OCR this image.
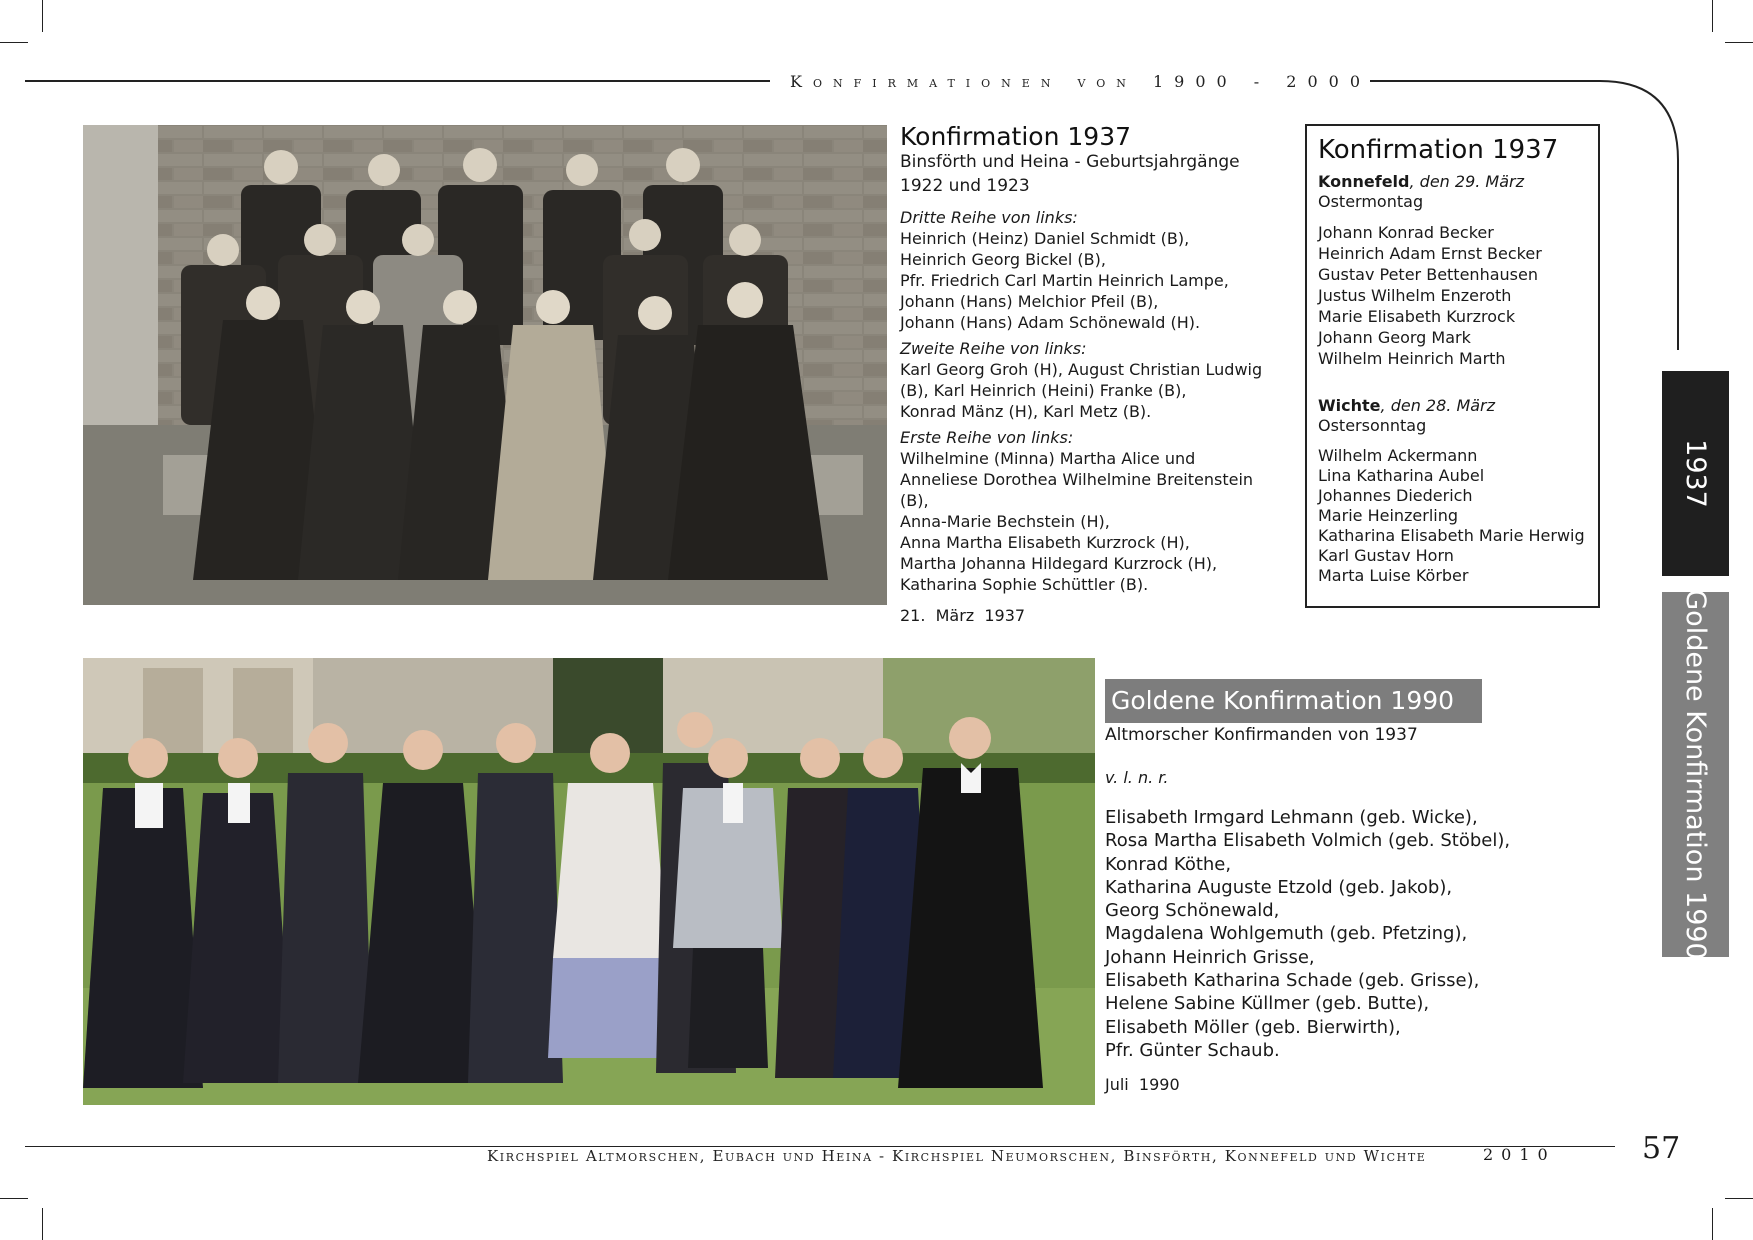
Konfirmationen von 1900 - 2000
Konfirmation 1937
Binsförth und Heina - Geburtsjahrgänge
1922 und 1923
Dritte Reihe von links:
Heinrich (Heinz) Daniel Schmidt (B),
Heinrich Georg Bickel (B),
Pfr. Friedrich Carl Martin Heinrich Lampe,
Johann (Hans) Melchior Pfeil (B),
Johann (Hans) Adam Schönewald (H).
Zweite Reihe von links:
Karl Georg Groh (H), August Christian Ludwig
(B), Karl Heinrich (Heini) Franke (B),
Konrad Mänz (H), Karl Metz (B).
Erste Reihe von links:
Wilhelmine (Minna) Martha Alice und
Anneliese Dorothea Wilhelmine Breitenstein (B),
Anna-Marie Bechstein (H),
Anna Martha Elisabeth Kurzrock (H),
Martha Johanna Hildegard Kurzrock (H),
Katharina Sophie Schüttler (B).
21.  März  1937
Konfirmation 1937
Konnefeld, den 29. März
Ostermontag
Johann Konrad Becker
Heinrich Adam Ernst Becker
Gustav Peter Bettenhausen
Justus Wilhelm Enzeroth
Marie Elisabeth Kurzrock
Johann Georg Mark
Wilhelm Heinrich Marth
Wichte, den 28. März
Ostersonntag
Wilhelm Ackermann
Lina Katharina Aubel
Johannes Diederich
Marie Heinzerling
Katharina Elisabeth Marie Herwig
Karl Gustav Horn
Marta Luise Körber
1937
Goldene Konfirmation 1990
Goldene Konfirmation 1990
Altmorscher Konfirmanden von 1937
v. l. n. r.
Elisabeth Irmgard Lehmann (geb. Wicke),
Rosa Martha Elisabeth Volmich (geb. Stöbel),
Konrad Köthe,
Katharina Auguste Etzold (geb. Jakob),
Georg Schönewald,
Magdalena Wohlgemuth (geb. Pfetzing),
Johann Heinrich Grisse,
Elisabeth Katharina Schade (geb. Grisse),
Helene Sabine Küllmer (geb. Butte),
Elisabeth Möller (geb. Bierwirth),
Pfr. Günter Schaub.
Juli  1990
Kirchspiel Altmorschen, Eubach und Heina - Kirchspiel Neumorschen, Binsförth, Konnefeld und Wichte	2010	57
